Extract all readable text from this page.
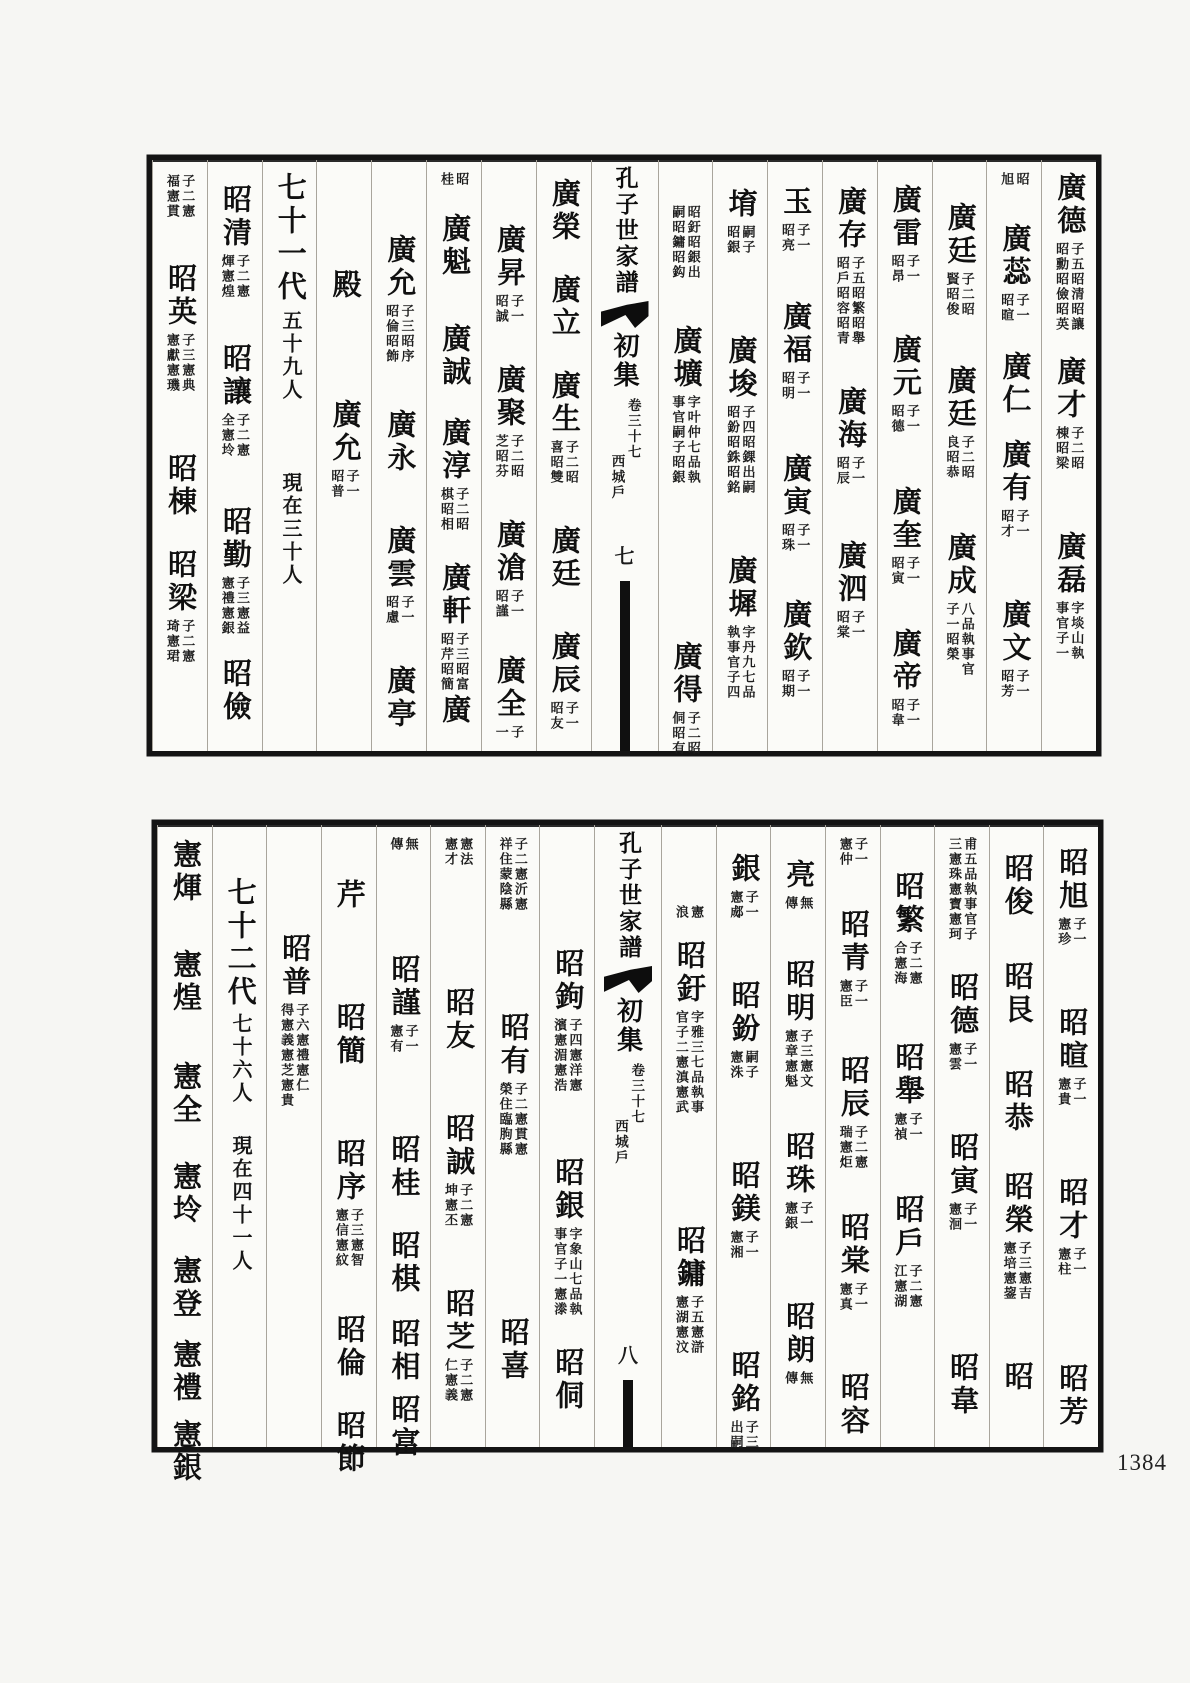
廣德
子五昭清昭讓
昭勳昭儉昭英
廣才
子二昭
棟昭梁
廣磊
字埮山執
事官子一
昭
旭
廣蕊
子一
昭暄
廣仁
廣有
子一
昭才
廣文
子一
昭芳
廣廷
子二昭
賢昭俊
廣廷
子二昭
良昭恭
廣成
八品執事官
子一昭榮
廣雷
子一
昭昂
廣元
子一
昭德
廣奎
子一
昭寅
廣帝
子一
昭韋
廣存
子五昭繁昭舉
昭戶昭容昭青
廣海
子一
昭辰
廣泗
子一
昭棠
玉
子一
昭亮
廣福
子一
昭明
廣寅
子一
昭珠
廣欽
子一
昭期
堉
嗣子
昭銀
廣埈
子四昭錁出嗣
昭鈖昭銖昭銘
廣墀
字丹九七品
執事官子四
昭釪昭銀出
嗣昭鏞昭鈎
廣壙
字叶仲七品執
事官嗣子昭銀
廣得
子二昭
侗昭有
孔子世家譜
初集
卷三十七
西城戶
七
廣榮
廣立
廣生
子二昭
喜昭雙
廣廷
廣辰
子一
昭友
廣昇
子一
昭誠
廣聚
子二昭
芝昭芬
廣滄
子一
昭謹
廣全
子
一
昭
桂
廣魁
廣誠
廣淳
子二昭
棋昭相
廣軒
子三昭富
昭芹昭簡
廣
廣允
子三昭序
昭倫昭飾
廣永
廣雲
子一
昭慮
廣亭
殿
廣允
子一
昭普
七十一代
五十九人
現在三十人
昭清
子二憲
煇憲煌
昭讓
子二憲
全憲坽
昭勤
子三憲益
憲禮憲銀
昭儉
子二憲
福憲貫
昭英
子三憲典
憲獻憲璣
昭棟
昭梁
子二憲
琦憲珺
昭旭
子一
憲珍
昭暄
子一
憲貴
昭才
子一
憲柱
昭芳
昭俊
昭艮
昭恭
昭榮
子三憲吉
憲培憲鋆
昭
甫五品執事官子
三憲珠憲寶憲珂
昭德
子一
憲雲
昭寅
子一
憲洄
昭韋
昭繁
子二憲
合憲海
昭舉
子一
憲禎
昭戶
子二憲
江憲湖
子一
憲仲
昭青
子一
憲臣
昭辰
子二憲
瑞憲炬
昭棠
子一
憲真
昭容
亮
無
傳
昭明
子三憲文
憲章憲魁
昭珠
子一
憲銀
昭朗
無
傳
銀
子一
憲郕
昭鈖
嗣子
憲洙
昭鎂
子一
憲湘
昭銘
子三
出嗣
憲
浪
昭釪
字雅三七品執事
官子二憲滇憲武
昭鏞
子五憲滸
憲湖憲汶
孔子世家譜
初集
卷三十七
西城戶
八
昭鉤
子四憲洋憲
濱憲湄憲浩
昭銀
字象山七品執
事官子一憲漛
昭侗
子二憲沂憲
祥住蒙陰縣
昭有
子二憲貫憲
榮住臨朐縣
昭喜
憲法
憲才
昭友
昭誠
子二憲
坤憲丕
昭芝
子二憲
仁憲義
無
傳
昭謹
子一
憲有
昭桂
昭棋
昭相
昭富
芹
昭簡
昭序
子三憲智
憲信憲紋
昭倫
昭節
昭普
子六憲禮憲仁
得憲義憲芝憲貴
七十二代
七十六人
現在四十一人
憲煇
憲煌
憲全
憲坽
憲登
憲禮
憲銀	1384
